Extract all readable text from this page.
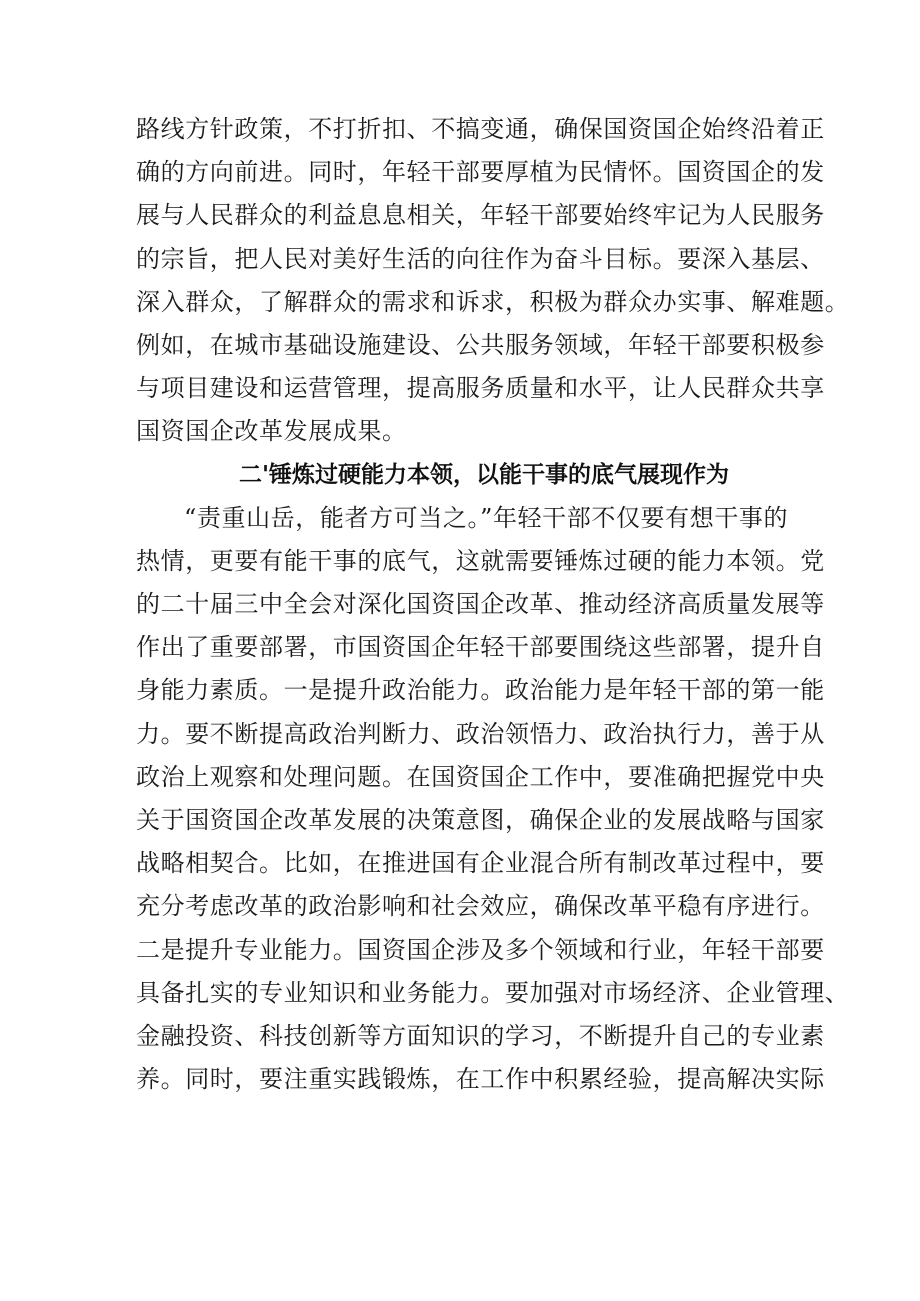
路线方针政策，不打折扣、不搞变通，确保国资国企始终沿着正
确的方向前进。同时，年轻干部要厚植为民情怀。国资国企的发
展与人民群众的利益息息相关，年轻干部要始终牢记为人民服务
的宗旨，把人民对美好生活的向往作为奋斗目标。要深入基层、
深入群众，了解群众的需求和诉求，积极为群众办实事、解难题。
例如，在城市基础设施建设、公共服务领域，年轻干部要积极参
与项目建设和运营管理，提高服务质量和水平，让人民群众共享
国资国企改革发展成果。
二'锤炼过硬能力本领，以能干事的底气展现作为
“责重山岳，能者方可当之。”年轻干部不仅要有想干事的
热情，更要有能干事的底气，这就需要锤炼过硬的能力本领。党
的二十届三中全会对深化国资国企改革、推动经济高质量发展等
作出了重要部署，市国资国企年轻干部要围绕这些部署，提升自
身能力素质。一是提升政治能力。政治能力是年轻干部的第一能
力。要不断提高政治判断力、政治领悟力、政治执行力，善于从
政治上观察和处理问题。在国资国企工作中，要准确把握党中央
关于国资国企改革发展的决策意图，确保企业的发展战略与国家
战略相契合。比如，在推进国有企业混合所有制改革过程中，要
充分考虑改革的政治影响和社会效应，确保改革平稳有序进行。
二是提升专业能力。国资国企涉及多个领域和行业，年轻干部要
具备扎实的专业知识和业务能力。要加强对市场经济、企业管理、
金融投资、科技创新等方面知识的学习，不断提升自己的专业素
养。同时，要注重实践锻炼，在工作中积累经验，提高解决实际
